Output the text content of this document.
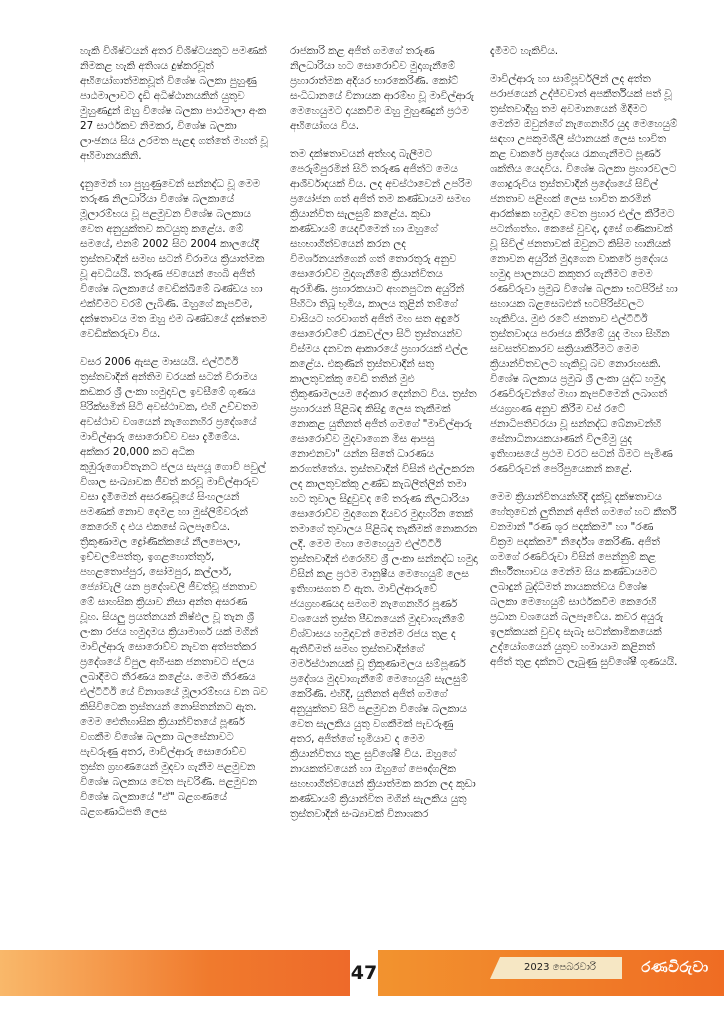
හැකි විශිෂ්ටයන් අතර විශිෂ්ටයකුට පමණක් නිමකළ හැකි අතිශය දුෂ්කරවූත් අභියෝගාත්මකවූත් විශේෂ බලකා පුහුණු පාඨමාලාවට දැඩි අධිෂ්ඨානයකින් යුතුව මුහුණදුන් ඔහු විශේෂ බලකා පාඨමාලා අංක 27 සාර්ථකව නිමකර, විශේෂ බලකා ලාංඡනය සිය උරමත පැළඳ ගත්තේ මහත් වූ අභිමානයකිනි.

දැනුමෙන් හා පුහුණුවෙන් සන්නද්ධ වූ මෙම තරුණ නිලධාරියා විශේෂ බලකායේ මූලාරම්භය වූ පළමුවන විශේෂ බලකාය වෙත අනුයුක්තව කටයුතු කළේය. මේ සමයේ, එනම් 2002 සිට 2004 කාලයේදී ත්‍රස්තවාදීන් සමඟ සටන් විරාමය ක්‍රියාත්මක වූ අවධියයි. තරුණ ජවයෙන් හෙබි අජිත් විශේෂ බලකායේ වෙඩික්ඛීමේ ඛණ්ඩය හා එක්වීමට වරම් ලැබිණි. ඔහුගේ කැපවීම, දක්ෂතාවය මත ඔහු එම ඛණ්ඩයේ දක්ෂතම වෙඩික්කරුවා විය.

වසර 2006 ඇසළ මාසයයි. එල්ටීටීඊ ත්‍රස්තවාදීන් අන්තිම වරයක් සටන් විරාමය කඩකර ශ්‍රී ලංකා හමුදාවල ඉවසීමේ ගුණය පිරික්සමින් සිටි අවස්ථාවක, එහි උච්චතම අවස්ථාව වශයෙන් නැගෙනහිර ප්‍රදේශයේ මාවිල්ආරු සොරොව්ව වසා දැමීමේය. අක්කර 20,000 කට අධික කුඹුරුගොවිතැනට ජලය සැපයූ ගොවි පවුල් විශාල සංඛ්‍යාවක ජීවත් කරවූ මාවිල්ආරුව වසා දැමීමෙන් අසරණවූයේ සිංහලයන් පමණක් නොව දෙමළ හා මුස්ලිම්වරුන් කෙරෙහි ද එය එකසේ බලපෑවේය. ත්‍රිකුණාමල ද්‍රෝණික්කයේ නීලපොලා, ඉච්චලම්පත්තු, ඉගළහොත්තුර්, පහළතොප්පුර, සෝමපුර, කල්ලාර්, ජ්‍යෝවැලි යන ප්‍රදේශවලි ජීවත්වූ ජනතාව මේ සාහසික ක්‍රියාව නිසා අන්ත අසරණ වූහ. සියලු ප්‍රයත්නයන් නිෂ්ඵල වූ තැන ශ්‍රී ලංකා රජය හමුදාමය ක්‍රියාමාර්ග යක් මගින් මාවිල්ආරු සොරොව්ව නැවත අත්පත්කර ප්‍රදේශයේ විපුල අහිංසක ජනතාවට ජලය ලබාදීමට තීරණය කළේය. මෙම තීරණය එල්ටීටීඊ යේ විනාශයේ මූලාරම්භය වන බව කිසිවිටෙක ත්‍රස්තයන් නොසිතන්නට ඇත. මෙම ඓතිහාසික ක්‍රියාන්විතයේ පූර්ණ වගකීම විශේෂ බලකා බලසේනාවට පැවරුණු අතර, මාවිල්ආරු සොරොව්ව ත්‍රස්ත ග්‍රහණයෙන් මුදවා ගැනීම පළමුවන විශේෂ බලකාය වෙත පැවරිණි. පළමුවන විශේෂ බලකායේ "ඒ" බළගණයේ බළගණාධිපති ලෙස

රාජකාරි කළ අජිත් ගමගේ තරුණ නිලධාරියා හට සොරොව්ව මුදාගැනීමේ ප්‍රහාරාත්මක අදියර භාරකෙරිණි. කෝට් සංධිධානයේ විනායක ආරම්භ වූ මාවිල්ආරු මෙහෙයුමට දායකවීම ඔහු මුහුණදුන් ප්‍රථම අභියෝගය විය.

තම දක්ෂතාවයන් අත්හදා බැලීමට පෙරුම්පුරමින් සිටි තරුණ අජිත්ට මෙය ආශීර්වාදයක් විය. ලද අවස්ථාවෙන් උපරිම ප්‍රයෝජන ගත් අජිත් තම කණ්ඩායම සමඟ ක්‍රියාන්විත සැලසුම් කළේය. කුඩා කණ්ඩායම් යෙදවීමෙන් හා ඔහුගේ සහභාගීත්වයෙන් කරන ලද විමර්ශනයන්ගෙන් ගත් තොරතුරු අනුව සොරොව්ව මුදාගැනීමේ ක්‍රියාන්විතය ඇරඹිණි. ප්‍රහාරකයාට අහනපුටන අයුරින් පිහිටා තිබූ භූමිය, කාලය තුළින් තම්ගේ වාසියට හරවාගත් අජිත් මහ සත අඳුරේ සොරොව්වේ රැකවල්ලා සිටි ත්‍රස්තයන්ව විස්මය දනවන ආකාරයේ ප්‍රහාරයක් එල්ල කළේය. එකුණින් ත්‍රස්තවාදීන් සතු කාලතුවක්කු වෙඩි තතින් මුළු ත්‍රිකුණාමලයම දෝංකාර දෙන්නට විය. ත්‍රස්ත ප්‍රහාරයන් පිළිබඳ කිසිදු ලෙස තැකීමක් නොකළ යුතිනත් අජිත් ගමගේ "මාවිල්ආරු සොරොව්ව මුදවාගෙන මිස ආපසු නොඑනවා" යන්න සිතේ ධාරණය කරගත්තේය. ත්‍රස්තවාදීන් විසින් එල්ලකරන ලද කාලතුවක්කු උණ්ඩ කැබලිත්ලින් තමා හට තුවාල සිදුවුවද මේ තරුණ නිලධාරියා සොරොව්ව මුදාගෙන දියවර මුදාහරින තෙක් තමාගේ තුවාලය පිළිබඳ තැකීමක් නොකරන ලදී. මෙම මහා මෙහෙයුම එල්ටීටීඊ ත්‍රස්තවාදීන් එරෙහිව ශ්‍රී ලංකා සන්නද්ධ හමුදා විසින් කළ ප්‍රථම මානුෂීය මෙහෙයුම් ලෙස ඉතිහාසගත වී ඇත. මාවිල්ආරුවේ ජයග්‍රහණයද සමගම නැගෙනහිර පූර්ණ වශයෙන් ත්‍රස්ත පීඩනයෙන් මුදවාගැනීමේ විශ්වාසය හමුදාවන් මෙන්ම රජය තුළ ද ඇතිවීමත් සමඟ ත්‍රස්තවාදීන්ගේ මර්මස්ථානයක් වූ ත්‍රිකුණාමලය සම්පූර්ණ ප්‍රදේශය මුදවාගැනීමේ මෙහෙයුම් සැලසුම් කෙරිණි. එහිදී, යුතිනත් අජිත් ගමගේ අනුයුක්තව සිටි පළමුවන විශේෂ බලකාය වෙත සැලකිය යුතු වගකීමක් පැවරුණු අතර, අජිත්ගේ භූමියාව ද මෙම ක්‍රියාන්විතය තුළ සුවිශේෂී විය. ඔහුගේ නායකත්වයෙන් හා ඔහුගේ පෞද්ගලික සහභාගීත්වයෙන් ක්‍රියාත්මක කරන ලද කුඩා කණ්ඩායම් ක්‍රියාන්විත මගින් සැලකිය යුතු ත්‍රස්තවාදීන් සංඛ්‍යාවක් විනාශකර

දැමීමට හැකිවිය.

මාවිල්ආරු හා සාම්පූර්වලින් ලද අත්ත පරාජයෙන් උද්ජ්වවාත් අපකීර්තියක් පත් වූ ත්‍රස්තවාදීහු තම අවමානයෙන් මිදීමට මෙන්ම ඔවුන්ගේ නැගෙනහිර යුද මෙහෙයුම් සඳහා උපකුමශීලී ස්ථානයක් ලෙස භාවිත කළ වාකරේ ප්‍රදේශය රැකගැනීමට පූර්ණ ශක්තිය යෙදවිය. විශේෂ බලකා ප්‍රහාරවලට ගොදුරුවිය ත්‍රස්තවාදීන් ප්‍රදේශයේ සිවිල් ජනතාව පළිඟක් ලෙස භාවිත කරමින් ආරක්ෂක හමුදාව වෙත ප්‍රහාර එල්ල කිරීමට පටන්ගත්හ. කෙසේ වුවද, දෑසේ ගණිකාවක් වූ සිවිල් ජනතාවක් ඔවුනට කිසිම හානියක් නොවන අයුරින් මුදාගෙන වාකරේ ප්‍රදේශය හමුදා පාලනයට කකුතර ගැනීමට මෙම රණවිරුවා ප්‍රමුඛ විශේෂ බලකා භටපිරිස් හා සහායක බළසෙබළුන් භටපිරිස්වලට හැකිවිය. මුළු රටේ ජනතාව එල්ටීටීඊ ත්‍රස්තවාදය පරාජය කිරීමේ යුද මහා සිහින සවසත්වකාරව සක්‍රියාකිරීමට මෙම ක්‍රියාන්විතවලට හැකිවූ බව නොරහසකි. විශේෂ බලකාය ප්‍රමුඛ ශ්‍රී ලංකා යුද්ධ හමුදා රණවිරුවන්ගේ මහා කැපවීමෙන් ලබාගත් ජයග්‍රහණ අනුව කිරීම වස් රටේ ජනාධිපතිවරයා වූ සන්නද්ධ බේනාවන්හි සේනාධිනායකයාණන් විලම්මු යුද ඉතිහාසයේ ප්‍රථම වරට සටන් බිමට පැමිණ රණවිරුවන් පෙරිපුයෙකන් කළේ.

මෙම ක්‍රියාන්විතයන්හිදී දැක්වූ දක්ෂතාවය හේතුවෙන් ලුතිනන් අජිත් ගමගේ හට කීර්ති වනමාන් "රණ ශූර පදක්කම" හා "රණ වික්‍රම පදක්කම" නිර්දේශ කෙරිණි. අජිත් ගමගේ රණවිරුවා විසින් පෙන්නුම් කළ නිර්භීතභාවය මෙන්ම සිය කණ්ඩායමට ලබාදුන් බුද්ධිමත් නායකත්වය විශේෂ බලකා මෙහෙයුම් සාර්ථකවීම කෙරෙහි ප්‍රධාන වශයෙන් බලපෑවේය. කවර අයුරු ඉලක්කයක් වුවද සැබෑ සටන්කාමිකයෙක් උද්යෝගයෙන් යුතුව හමායාම කළිනත් අජිත් තුළ දක්නට ලැබුණු සුවිශේෂී ගුණයයි.

47	2023 පෙබරවාරි	රණවිරුවා
